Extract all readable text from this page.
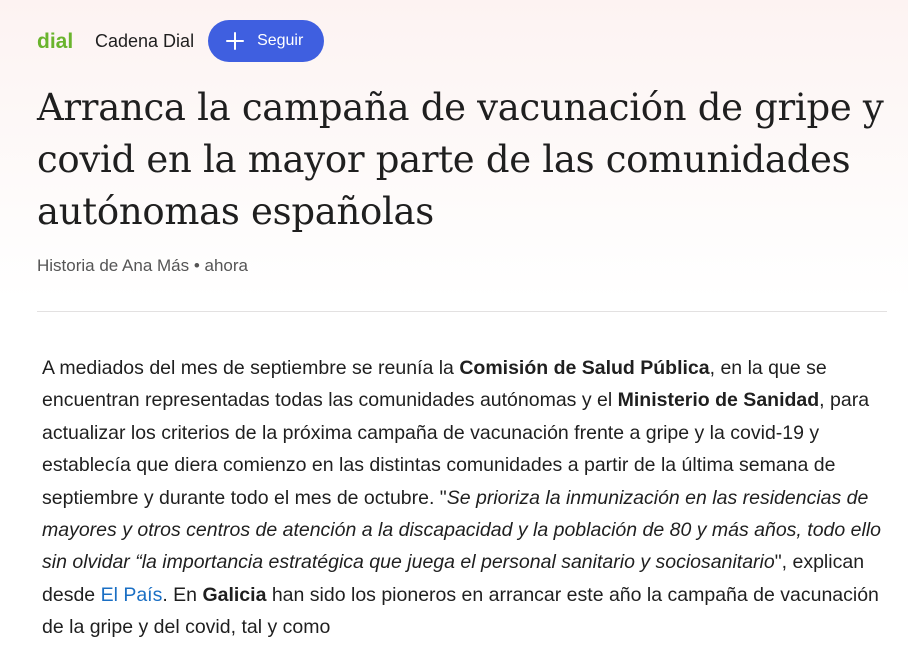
dial Cadena Dial	Seguir
Arranca la campaña de vacunación de gripe y covid en la mayor parte de las comunidades autónomas españolas
Historia de Ana Más • ahora

A mediados del mes de septiembre se reunía la Comisión de Salud Pública, en la que se encuentran representadas todas las comunidades autónomas y el Ministerio de Sanidad, para actualizar los criterios de la próxima campaña de vacunación frente a gripe y la covid-19 y establecía que diera comienzo en las distintas comunidades a partir de la última semana de septiembre y durante todo el mes de octubre. "Se prioriza la inmunización en las residencias de mayores y otros centros de atención a la discapacidad y la población de 80 y más años, todo ello sin olvidar “la importancia estratégica que juega el personal sanitario y sociosanitario", explican desde El País. En Galicia han sido los pioneros en arrancar este año la campaña de vacunación de la gripe y del covid, tal y como
